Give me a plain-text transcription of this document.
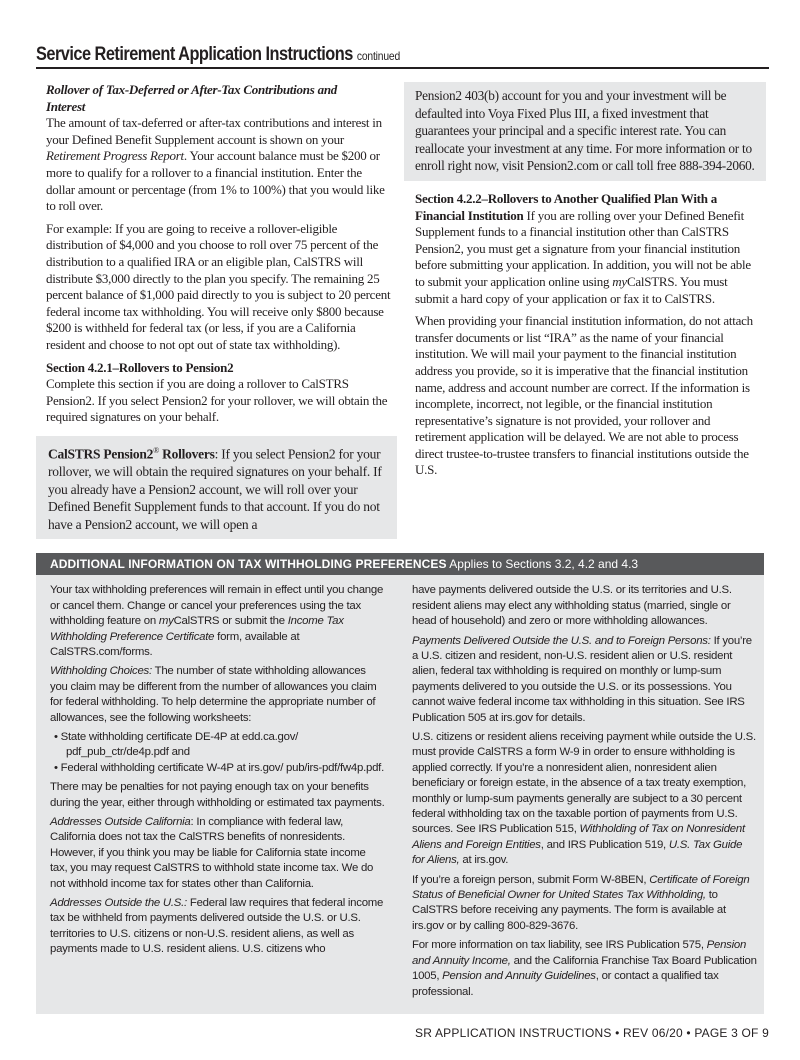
Service Retirement Application Instructions continued

Rollover of Tax-Deferred or After-Tax Contributions and Interest

The amount of tax-deferred or after-tax contributions and interest in your Defined Benefit Supplement account is shown on your Retirement Progress Report. Your account balance must be $200 or more to qualify for a rollover to a financial institution. Enter the dollar amount or percentage (from 1% to 100%) that you would like to roll over.

For example: If you are going to receive a rollover-eligible distribution of $4,000 and you choose to roll over 75 percent of the distribution to a qualified IRA or an eligible plan, CalSTRS will distribute $3,000 directly to the plan you specify. The remaining 25 percent balance of $1,000 paid directly to you is subject to 20 percent federal income tax withholding. You will receive only $800 because $200 is withheld for federal tax (or less, if you are a California resident and choose to not opt out of state tax withholding).

Section 4.2.1–Rollovers to Pension2

Complete this section if you are doing a rollover to CalSTRS Pension2. If you select Pension2 for your rollover, we will obtain the required signatures on your behalf.

CalSTRS Pension2® Rollovers: If you select Pension2 for your rollover, we will obtain the required signatures on your behalf. If you already have a Pension2 account, we will roll over your Defined Benefit Supplement funds to that account. If you do not have a Pension2 account, we will open a
Pension2 403(b) account for you and your investment will be defaulted into Voya Fixed Plus III, a fixed investment that guarantees your principal and a specific interest rate. You can reallocate your investment at any time. For more information or to enroll right now, visit Pension2.com or call toll free 888-394-2060.

Section 4.2.2–Rollovers to Another Qualified Plan With a Financial Institution If you are rolling over your Defined Benefit Supplement funds to a financial institution other than CalSTRS Pension2, you must get a signature from your financial institution before submitting your application. In addition, you will not be able to submit your application online using myCalSTRS. You must submit a hard copy of your application or fax it to CalSTRS.

When providing your financial institution information, do not attach transfer documents or list “IRA” as the name of your financial institution. We will mail your payment to the financial institution address you provide, so it is imperative that the financial institution name, address and account number are correct. If the information is incomplete, incorrect, not legible, or the financial institution representative’s signature is not provided, your rollover and retirement application will be delayed. We are not able to process direct trustee-to-trustee transfers to financial institutions outside the U.S.

ADDITIONAL INFORMATION ON TAX WITHHOLDING PREFERENCES Applies to Sections 3.2, 4.2 and 4.3

Your tax withholding preferences will remain in effect until you change or cancel them. Change or cancel your preferences using the tax withholding feature on myCalSTRS or submit the Income Tax Withholding Preference Certificate form, available at CalSTRS.com/forms.

Withholding Choices: The number of state withholding allowances you claim may be different from the number of allowances you claim for federal withholding. To help determine the appropriate number of allowances, see the following worksheets:

• State withholding certificate DE-4P at edd.ca.gov/ pdf_pub_ctr/de4p.pdf and
• Federal withholding certificate W-4P at irs.gov/ pub/irs-pdf/fw4p.pdf.

There may be penalties for not paying enough tax on your benefits during the year, either through withholding or estimated tax payments.

Addresses Outside California: In compliance with federal law, California does not tax the CalSTRS benefits of nonresidents. However, if you think you may be liable for California state income tax, you may request CalSTRS to withhold state income tax. We do not withhold income tax for states other than California.

Addresses Outside the U.S.: Federal law requires that federal income tax be withheld from payments delivered outside the U.S. or U.S. territories to U.S. citizens or non-U.S. resident aliens, as well as payments made to U.S. resident aliens. U.S. citizens who

have payments delivered outside the U.S. or its territories and U.S. resident aliens may elect any withholding status (married, single or head of household) and zero or more withholding allowances.

Payments Delivered Outside the U.S. and to Foreign Persons: If you’re a U.S. citizen and resident, non-U.S. resident alien or U.S. resident alien, federal tax withholding is required on monthly or lump-sum payments delivered to you outside the U.S. or its possessions. You cannot waive federal income tax withholding in this situation. See IRS Publication 505 at irs.gov for details.

U.S. citizens or resident aliens receiving payment while outside the U.S. must provide CalSTRS a form W-9 in order to ensure withholding is applied correctly. If you’re a nonresident alien, nonresident alien beneficiary or foreign estate, in the absence of a tax treaty exemption, monthly or lump-sum payments generally are subject to a 30 percent federal withholding tax on the taxable portion of payments from U.S. sources. See IRS Publication 515, Withholding of Tax on Nonresident Aliens and Foreign Entities, and IRS Publication 519, U.S. Tax Guide for Aliens, at irs.gov.

If you’re a foreign person, submit Form W-8BEN, Certificate of Foreign Status of Beneficial Owner for United States Tax Withholding, to CalSTRS before receiving any payments. The form is available at irs.gov or by calling 800-829-3676.

For more information on tax liability, see IRS Publication 575, Pension and Annuity Income, and the California Franchise Tax Board Publication 1005, Pension and Annuity Guidelines, or contact a qualified tax professional.

SR APPLICATION INSTRUCTIONS • REV 06/20 • PAGE 3 OF 9
